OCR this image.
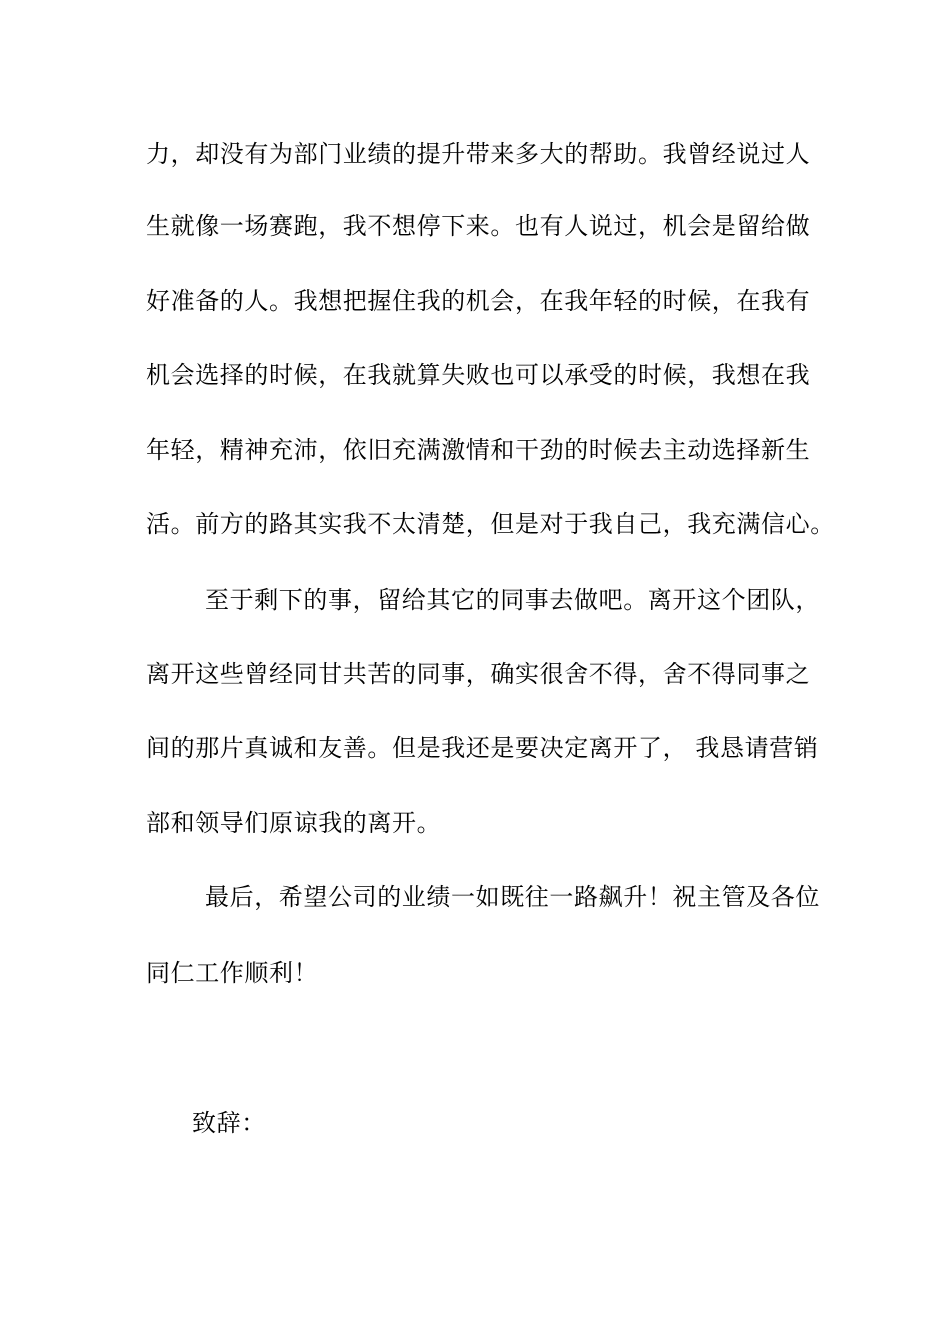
力，却没有为部门业绩的提升带来多大的帮助。我曾经说过人
生就像一场赛跑，我不想停下来。也有人说过，机会是留给做
好准备的人。我想把握住我的机会，在我年轻的时候，在我有
机会选择的时候，在我就算失败也可以承受的时候，我想在我
年轻，精神充沛，依旧充满激情和干劲的时候去主动选择新生
活。前方的路其实我不太清楚，但是对于我自己，我充满信心。
至于剩下的事，留给其它的同事去做吧。离开这个团队，
离开这些曾经同甘共苦的同事，确实很舍不得，舍不得同事之
间的那片真诚和友善。但是我还是要决定离开了， 我恳请营销
部和领导们原谅我的离开。
最后，希望公司的业绩一如既往一路飙升！祝主管及各位
同仁工作顺利！
致辞：
